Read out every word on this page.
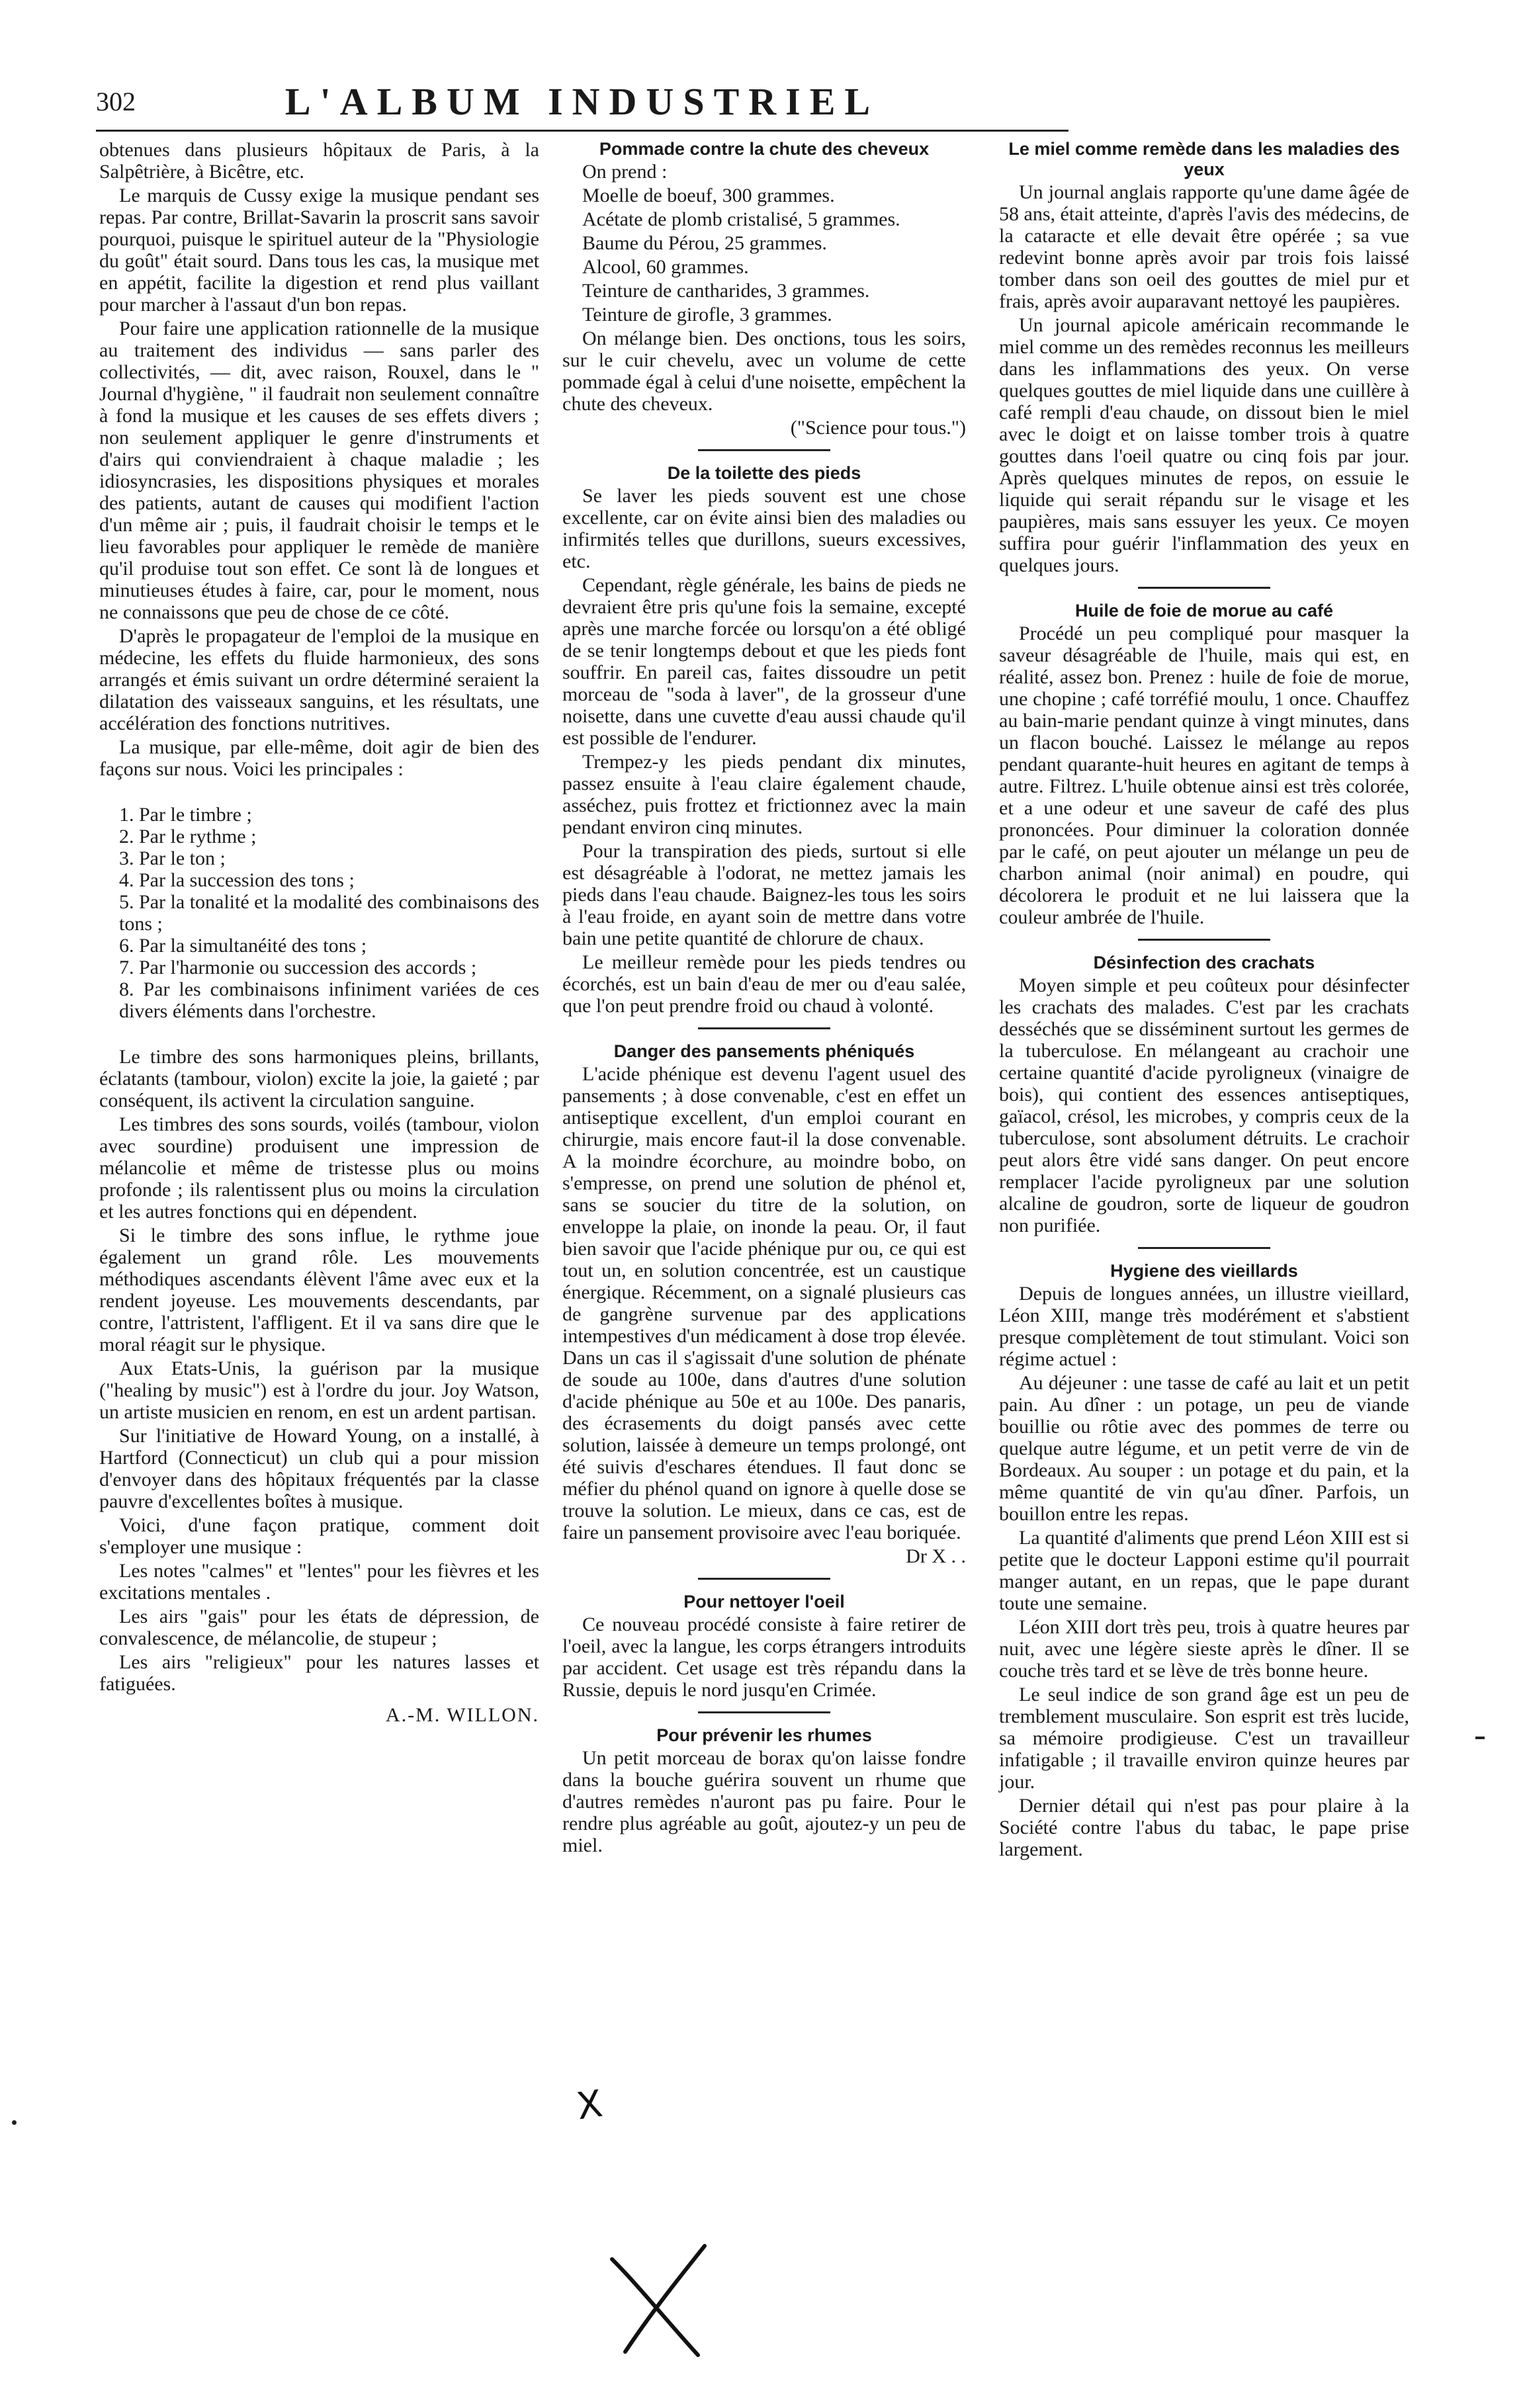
302	L'ALBUM INDUSTRIEL

obtenues dans plusieurs hôpitaux de Paris, à la Salpêtrière, à Bicêtre, etc.

Le marquis de Cussy exige la musique pendant ses repas. Par contre, Brillat-Savarin la proscrit sans savoir pourquoi, puisque le spirituel auteur de la "Physiologie du goût" était sourd. Dans tous les cas, la musique met en appétit, facilite la digestion et rend plus vaillant pour marcher à l'assaut d'un bon repas.

Pour faire une application rationnelle de la musique au traitement des individus — sans parler des collectivités, — dit, avec raison, Rouxel, dans le " Journal d'hygiène, " il faudrait non seulement connaître à fond la musique et les causes de ses effets divers ; non seulement appliquer le genre d'instruments et d'airs qui conviendraient à chaque maladie ; les idiosyncrasies, les dispositions physiques et morales des patients, autant de causes qui modifient l'action d'un même air ; puis, il faudrait choisir le temps et le lieu favorables pour appliquer le remède de manière qu'il produise tout son effet. Ce sont là de longues et minutieuses études à faire, car, pour le moment, nous ne connaissons que peu de chose de ce côté.

D'après le propagateur de l'emploi de la musique en médecine, les effets du fluide harmonieux, des sons arrangés et émis suivant un ordre déterminé seraient la dilatation des vaisseaux sanguins, et les résultats, une accélération des fonctions nutritives.

La musique, par elle-même, doit agir de bien des façons sur nous. Voici les principales :

1. Par le timbre ;
2. Par le rythme ;
3. Par le ton ;
4. Par la succession des tons ;
5. Par la tonalité et la modalité des combinaisons des tons ;
6. Par la simultanéité des tons ;
7. Par l'harmonie ou succession des accords ;
8. Par les combinaisons infiniment variées de ces divers éléments dans l'orchestre.

Le timbre des sons harmoniques pleins, brillants, éclatants (tambour, violon) excite la joie, la gaieté ; par conséquent, ils activent la circulation sanguine.

Les timbres des sons sourds, voilés (tambour, violon avec sourdine) produisent une impression de mélancolie et même de tristesse plus ou moins profonde ; ils ralentissent plus ou moins la circulation et les autres fonctions qui en dépendent.

Si le timbre des sons influe, le rythme joue également un grand rôle. Les mouvements méthodiques ascendants élèvent l'âme avec eux et la rendent joyeuse. Les mouvements descendants, par contre, l'attristent, l'affligent. Et il va sans dire que le moral réagit sur le physique.

Aux Etats-Unis, la guérison par la musique ("healing by music") est à l'ordre du jour. Joy Watson, un artiste musicien en renom, en est un ardent partisan.

Sur l'initiative de Howard Young, on a installé, à Hartford (Connecticut) un club qui a pour mission d'envoyer dans des hôpitaux fréquentés par la classe pauvre d'excellentes boîtes à musique.

Voici, d'une façon pratique, comment doit s'employer une musique :

Les notes "calmes" et "lentes" pour les fièvres et les excitations mentales .

Les airs "gais" pour les états de dépression, de convalescence, de mélancolie, de stupeur ;

Les airs "religieux" pour les natures lasses et fatiguées.

A.-M. WILLON.

Pommade contre la chute des cheveux

On prend :

Moelle de boeuf, 300 grammes.

Acétate de plomb cristalisé, 5 grammes.

Baume du Pérou, 25 grammes.

Alcool, 60 grammes.

Teinture de cantharides, 3 grammes.

Teinture de girofle, 3 grammes.

On mélange bien. Des onctions, tous les soirs, sur le cuir chevelu, avec un volume de cette pommade égal à celui d'une noisette, empêchent la chute des cheveux.

("Science pour tous.")

De la toilette des pieds

Se laver les pieds souvent est une chose excellente, car on évite ainsi bien des maladies ou infirmités telles que durillons, sueurs excessives, etc.

Cependant, règle générale, les bains de pieds ne devraient être pris qu'une fois la semaine, excepté après une marche forcée ou lorsqu'on a été obligé de se tenir longtemps debout et que les pieds font souffrir. En pareil cas, faites dissoudre un petit morceau de "soda à laver", de la grosseur d'une noisette, dans une cuvette d'eau aussi chaude qu'il est possible de l'endurer.

Trempez-y les pieds pendant dix minutes, passez ensuite à l'eau claire également chaude, asséchez, puis frottez et frictionnez avec la main pendant environ cinq minutes.

Pour la transpiration des pieds, surtout si elle est désagréable à l'odorat, ne mettez jamais les pieds dans l'eau chaude. Baignez-les tous les soirs à l'eau froide, en ayant soin de mettre dans votre bain une petite quantité de chlorure de chaux.

Le meilleur remède pour les pieds tendres ou écorchés, est un bain d'eau de mer ou d'eau salée, que l'on peut prendre froid ou chaud à volonté.

Danger des pansements phéniqués

L'acide phénique est devenu l'agent usuel des pansements ; à dose convenable, c'est en effet un antiseptique excellent, d'un emploi courant en chirurgie, mais encore faut-il la dose convenable. A la moindre écorchure, au moindre bobo, on s'empresse, on prend une solution de phénol et, sans se soucier du titre de la solution, on enveloppe la plaie, on inonde la peau. Or, il faut bien savoir que l'acide phénique pur ou, ce qui est tout un, en solution concentrée, est un caustique énergique. Récemment, on a signalé plusieurs cas de gangrène survenue par des applications intempestives d'un médicament à dose trop élevée. Dans un cas il s'agissait d'une solution de phénate de soude au 100e, dans d'autres d'une solution d'acide phénique au 50e et au 100e. Des panaris, des écrasements du doigt pansés avec cette solution, laissée à demeure un temps prolongé, ont été suivis d'eschares étendues. Il faut donc se méfier du phénol quand on ignore à quelle dose se trouve la solution. Le mieux, dans ce cas, est de faire un pansement provisoire avec l'eau boriquée.

Dr X . .

Pour nettoyer l'oeil

Ce nouveau procédé consiste à faire retirer de l'oeil, avec la langue, les corps étrangers introduits par accident. Cet usage est très répandu dans la Russie, depuis le nord jusqu'en Crimée.

Pour prévenir les rhumes

Un petit morceau de borax qu'on laisse fondre dans la bouche guérira souvent un rhume que d'autres remèdes n'auront pas pu faire. Pour le rendre plus agréable au goût, ajoutez-y un peu de miel.

Le miel comme remède dans les maladies des yeux

Un journal anglais rapporte qu'une dame âgée de 58 ans, était atteinte, d'après l'avis des médecins, de la cataracte et elle devait être opérée ; sa vue redevint bonne après avoir par trois fois laissé tomber dans son oeil des gouttes de miel pur et frais, après avoir auparavant nettoyé les paupières.

Un journal apicole américain recommande le miel comme un des remèdes reconnus les meilleurs dans les inflammations des yeux. On verse quelques gouttes de miel liquide dans une cuillère à café rempli d'eau chaude, on dissout bien le miel avec le doigt et on laisse tomber trois à quatre gouttes dans l'oeil quatre ou cinq fois par jour. Après quelques minutes de repos, on essuie le liquide qui serait répandu sur le visage et les paupières, mais sans essuyer les yeux. Ce moyen suffira pour guérir l'inflammation des yeux en quelques jours.

Huile de foie de morue au café

Procédé un peu compliqué pour masquer la saveur désagréable de l'huile, mais qui est, en réalité, assez bon. Prenez : huile de foie de morue, une chopine ; café torréfié moulu, 1 once. Chauffez au bain-marie pendant quinze à vingt minutes, dans un flacon bouché. Laissez le mélange au repos pendant quarante-huit heures en agitant de temps à autre. Filtrez. L'huile obtenue ainsi est très colorée, et a une odeur et une saveur de café des plus prononcées. Pour diminuer la coloration donnée par le café, on peut ajouter un mélange un peu de charbon animal (noir animal) en poudre, qui décolorera le produit et ne lui laissera que la couleur ambrée de l'huile.

Désinfection des crachats

Moyen simple et peu coûteux pour désinfecter les crachats des malades. C'est par les crachats desséchés que se disséminent surtout les germes de la tuberculose. En mélangeant au crachoir une certaine quantité d'acide pyroligneux (vinaigre de bois), qui contient des essences antiseptiques, gaïacol, crésol, les microbes, y compris ceux de la tuberculose, sont absolument détruits. Le crachoir peut alors être vidé sans danger. On peut encore remplacer l'acide pyroligneux par une solution alcaline de goudron, sorte de liqueur de goudron non purifiée.

Hygiene des vieillards

Depuis de longues années, un illustre vieillard, Léon XIII, mange très modérément et s'abstient presque complètement de tout stimulant. Voici son régime actuel :

Au déjeuner : une tasse de café au lait et un petit pain. Au dîner : un potage, un peu de viande bouillie ou rôtie avec des pommes de terre ou quelque autre légume, et un petit verre de vin de Bordeaux. Au souper : un potage et du pain, et la même quantité de vin qu'au dîner. Parfois, un bouillon entre les repas.

La quantité d'aliments que prend Léon XIII est si petite que le docteur Lapponi estime qu'il pourrait manger autant, en un repas, que le pape durant toute une semaine.

Léon XIII dort très peu, trois à quatre heures par nuit, avec une légère sieste après le dîner. Il se couche très tard et se lève de très bonne heure.

Le seul indice de son grand âge est un peu de tremblement musculaire. Son esprit est très lucide, sa mémoire prodigieuse. C'est un travailleur infatigable ; il travaille environ quinze heures par jour.

Dernier détail qui n'est pas pour plaire à la Société contre l'abus du tabac, le pape prise largement.

X
